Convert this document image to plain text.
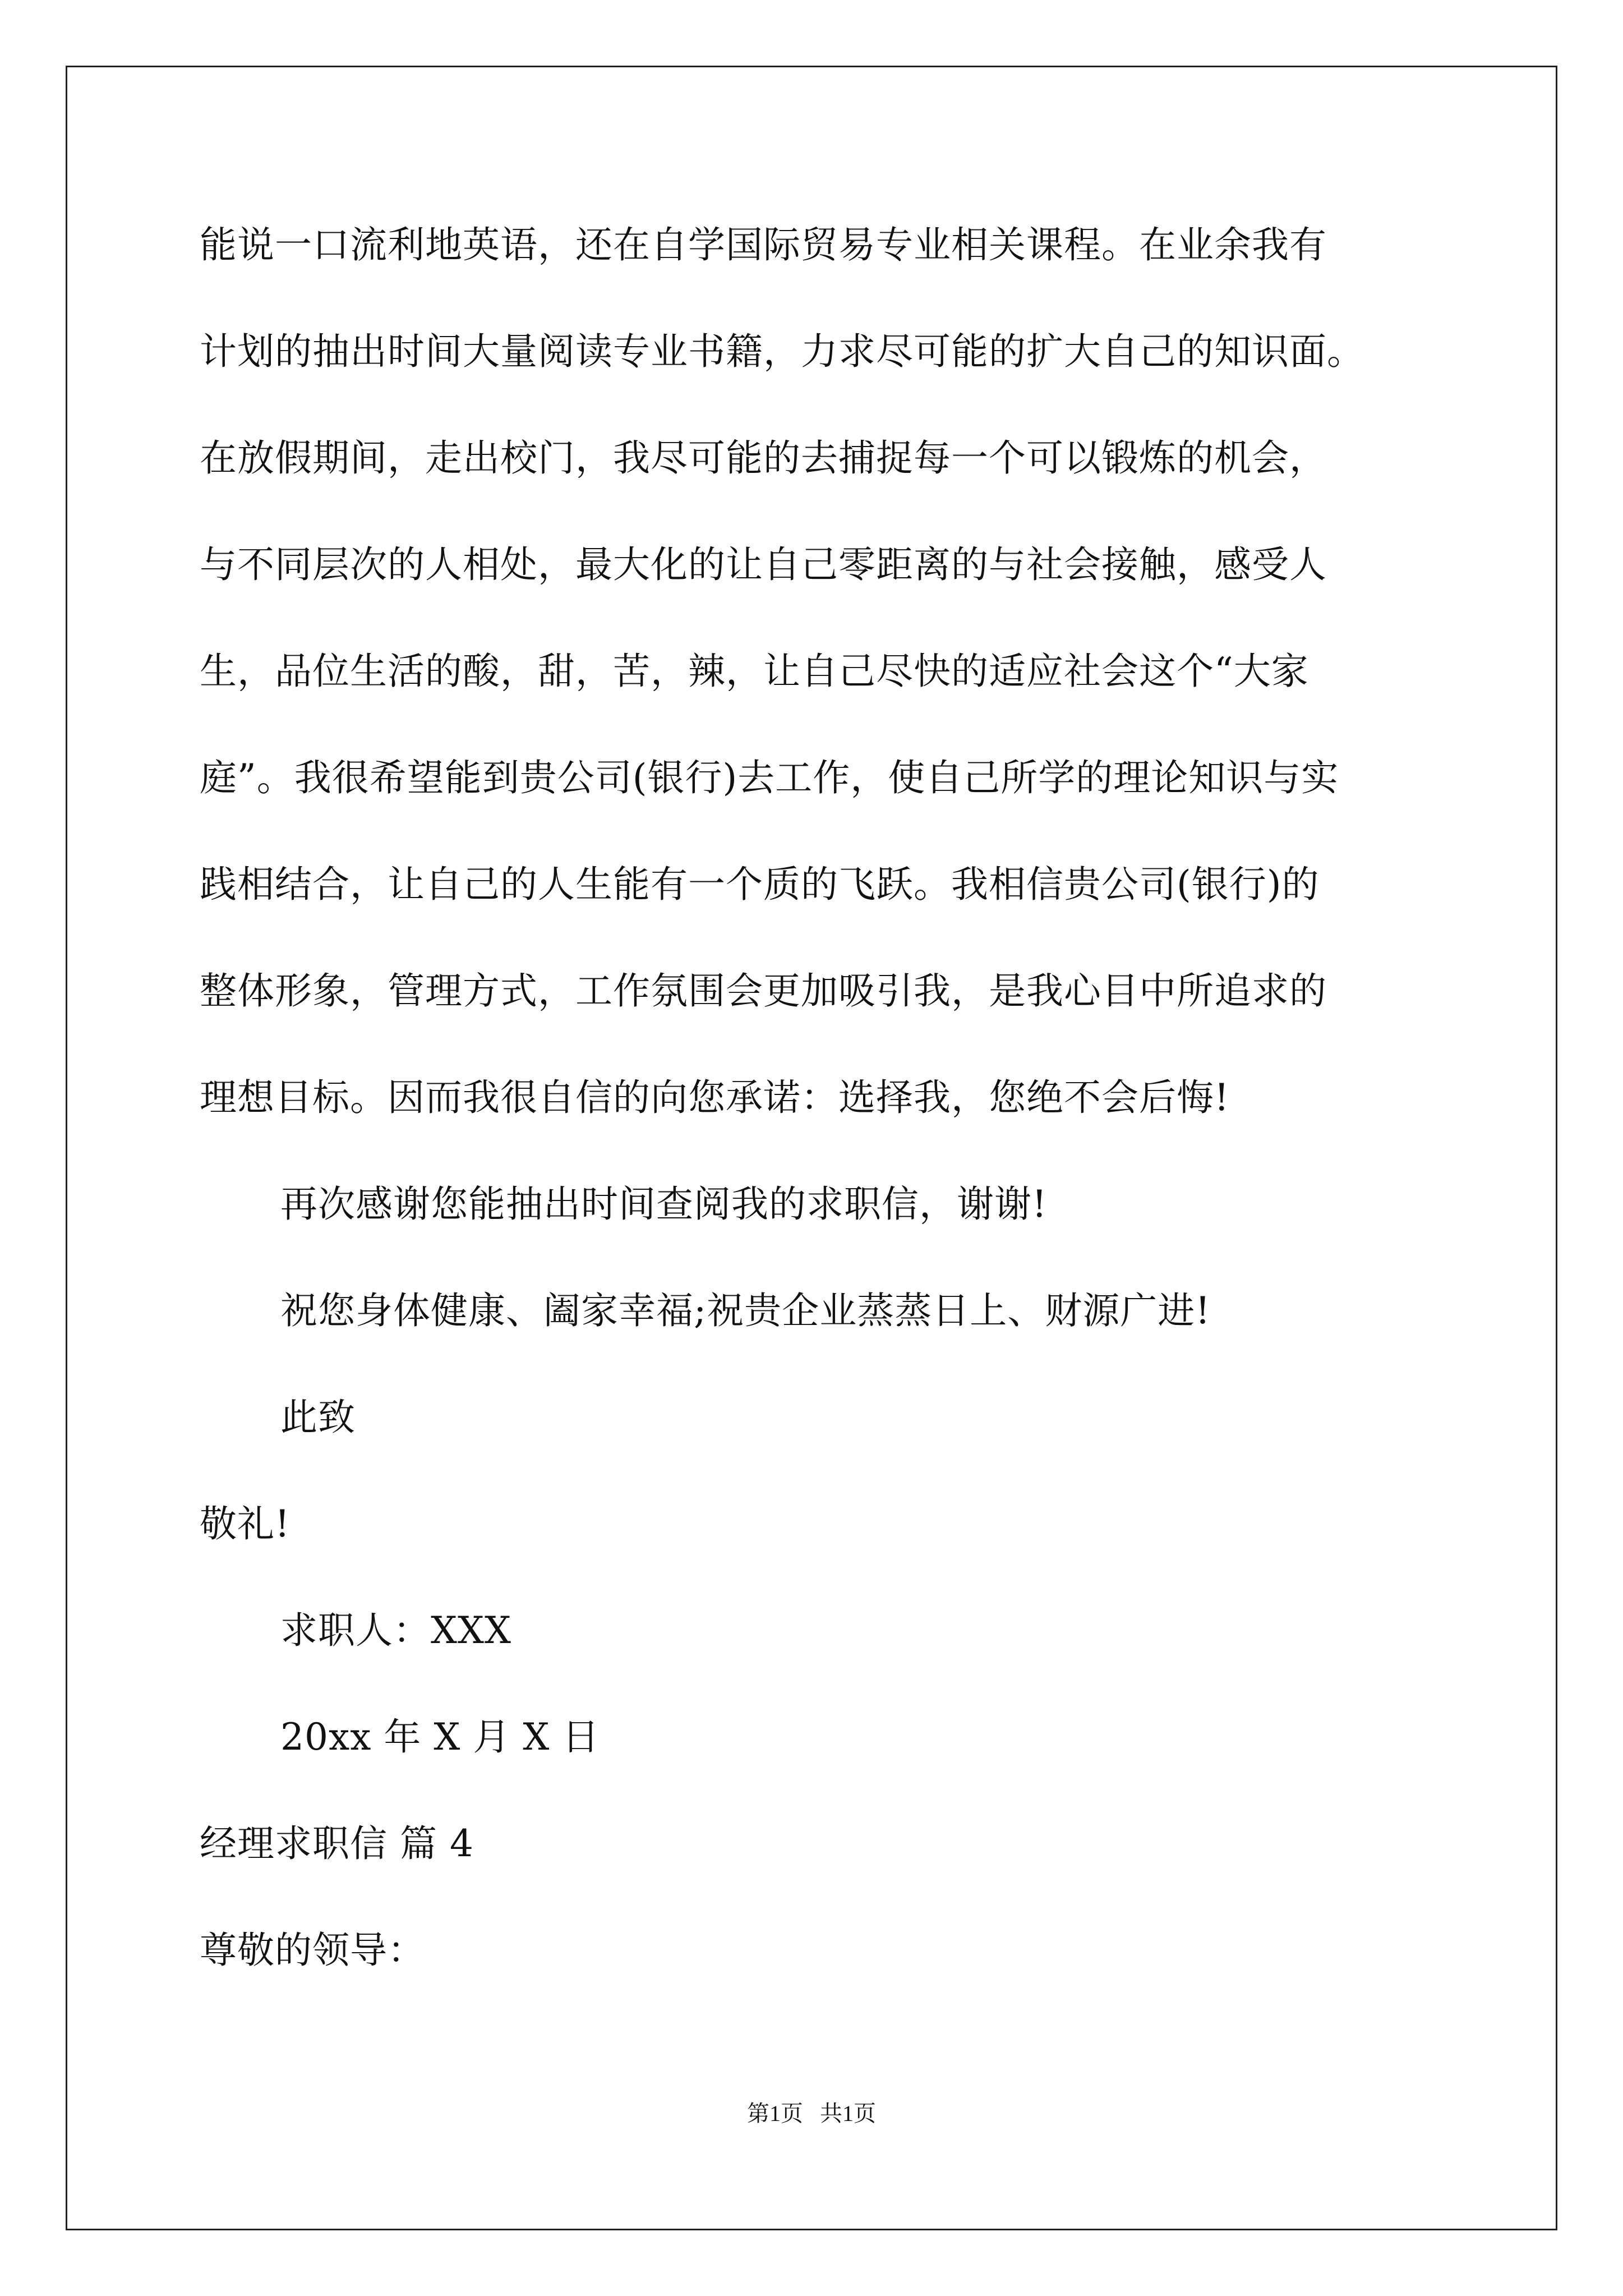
能说一口流利地英语，还在自学国际贸易专业相关课程。在业余我有
计划的抽出时间大量阅读专业书籍，力求尽可能的扩大自己的知识面。
在放假期间，走出校门，我尽可能的去捕捉每一个可以锻炼的机会，
与不同层次的人相处，最大化的让自己零距离的与社会接触，感受人
生，品位生活的酸，甜，苦，辣，让自己尽快的适应社会这个“大家
庭”。我很希望能到贵公司(银行)去工作，使自己所学的理论知识与实
践相结合，让自己的人生能有一个质的飞跃。我相信贵公司(银行)的
整体形象，管理方式，工作氛围会更加吸引我，是我心目中所追求的
理想目标。因而我很自信的向您承诺：选择我，您绝不会后悔!
再次感谢您能抽出时间查阅我的求职信，谢谢!
祝您身体健康、阖家幸福;祝贵企业蒸蒸日上、财源广进!
此致
敬礼!
求职人：XXX
20xx 年 X 月 X 日
经理求职信 篇 4
尊敬的领导：
第1页   共1页
